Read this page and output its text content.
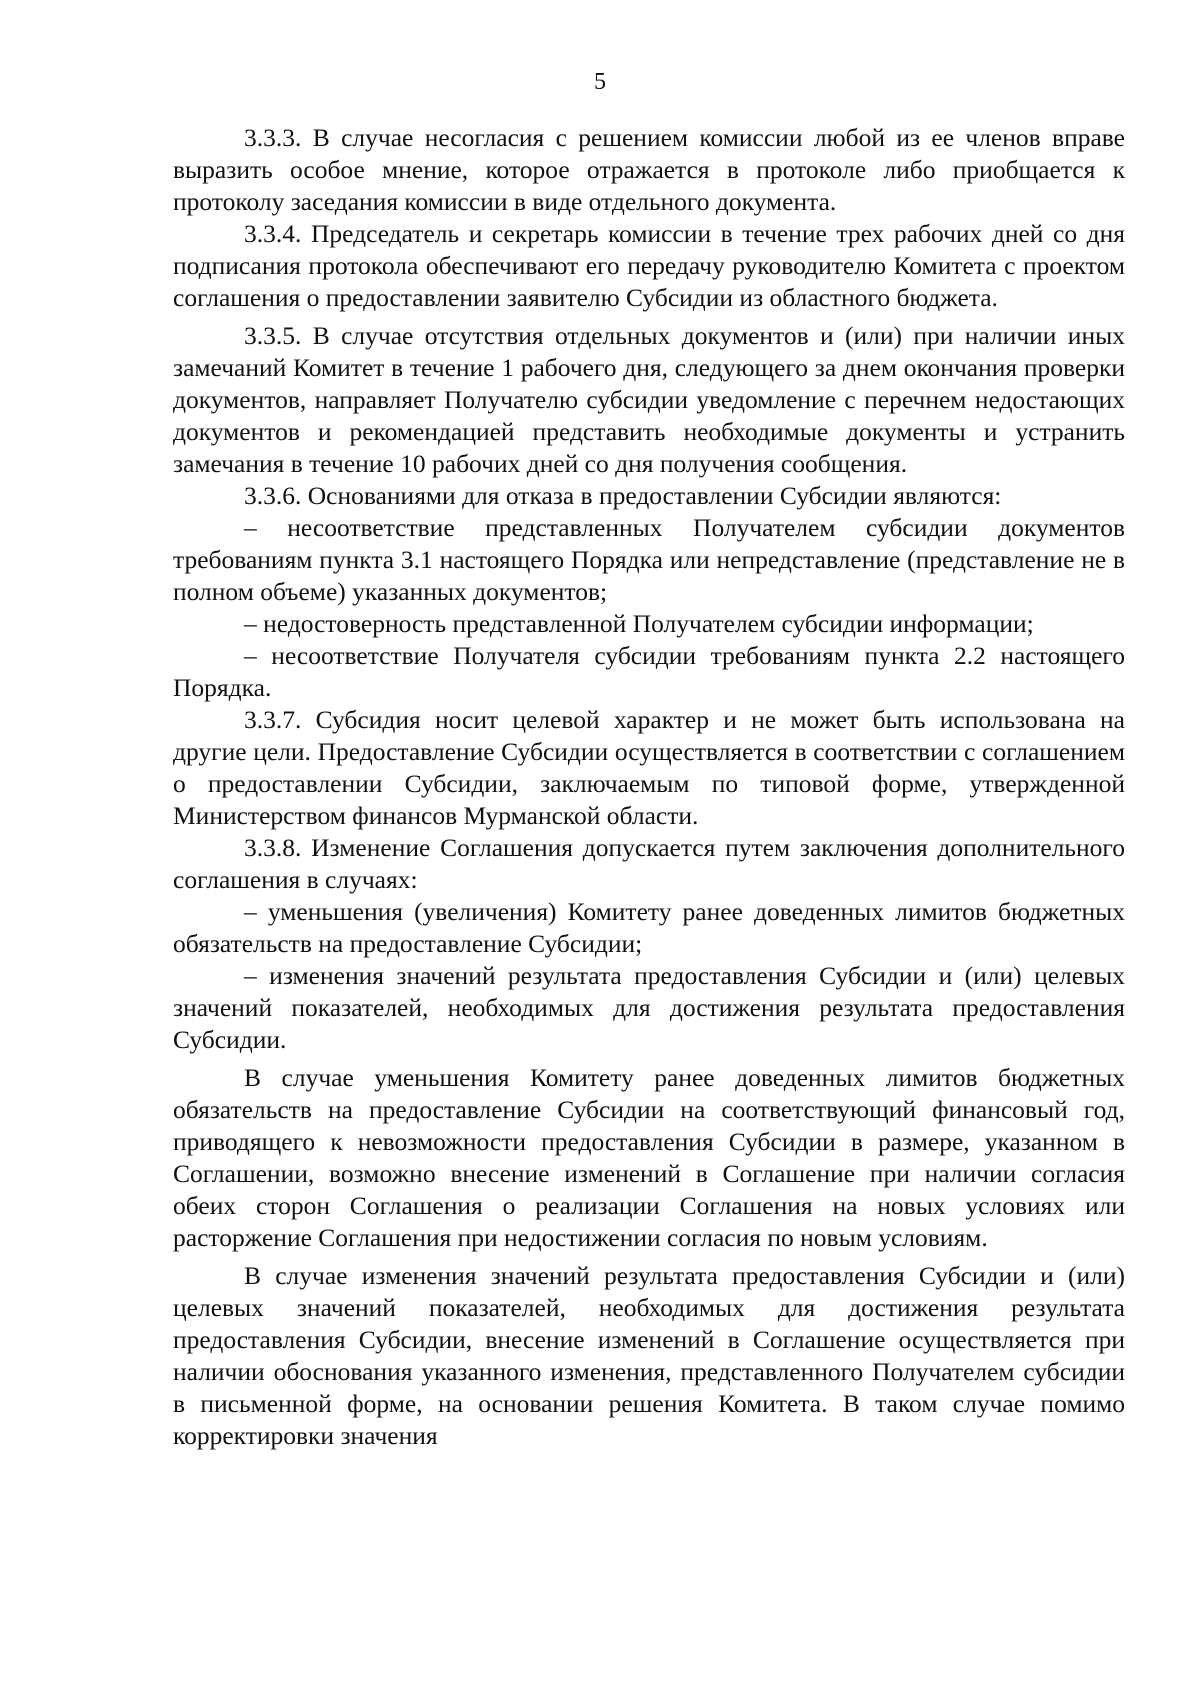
5

3.3.3. В случае несогласия с решением комиссии любой из ее членов вправе выразить особое мнение, которое отражается в протоколе либо приобщается к протоколу заседания комиссии в виде отдельного документа.

3.3.4. Председатель и секретарь комиссии в течение трех рабочих дней со дня подписания протокола обеспечивают его передачу руководителю Комитета с проектом соглашения о предоставлении заявителю Субсидии из областного бюджета.

3.3.5. В случае отсутствия отдельных документов и (или) при наличии иных замечаний Комитет в течение 1 рабочего дня, следующего за днем окончания проверки документов, направляет Получателю субсидии уведомление с перечнем недостающих документов и рекомендацией представить необходимые документы и устранить замечания в течение 10 рабочих дней со дня получения сообщения.

3.3.6. Основаниями для отказа в предоставлении Субсидии являются:

– несоответствие представленных Получателем субсидии документов требованиям пункта 3.1 настоящего Порядка или непредставление (представление не в полном объеме) указанных документов;

– недостоверность представленной Получателем субсидии информации;

– несоответствие Получателя субсидии требованиям пункта 2.2 настоящего Порядка.

3.3.7. Субсидия носит целевой характер и не может быть использована на другие цели. Предоставление Субсидии осуществляется в соответствии с соглашением о предоставлении Субсидии, заключаемым по типовой форме, утвержденной Министерством финансов Мурманской области.

3.3.8. Изменение Соглашения допускается путем заключения дополнительного соглашения в случаях:

– уменьшения (увеличения) Комитету ранее доведенных лимитов бюджетных обязательств на предоставление Субсидии;

– изменения значений результата предоставления Субсидии и (или) целевых значений показателей, необходимых для достижения результата предоставления Субсидии.

В случае уменьшения Комитету ранее доведенных лимитов бюджетных обязательств на предоставление Субсидии на соответствующий финансовый год, приводящего к невозможности предоставления Субсидии в размере, указанном в Соглашении, возможно внесение изменений в Соглашение при наличии согласия обеих сторон Соглашения о реализации Соглашения на новых условиях или расторжение Соглашения при недостижении согласия по новым условиям.

В случае изменения значений результата предоставления Субсидии и (или) целевых значений показателей, необходимых для достижения результата предоставления Субсидии, внесение изменений в Соглашение осуществляется при наличии обоснования указанного изменения, представленного Получателем субсидии в письменной форме, на основании решения Комитета. В таком случае помимо корректировки значения
